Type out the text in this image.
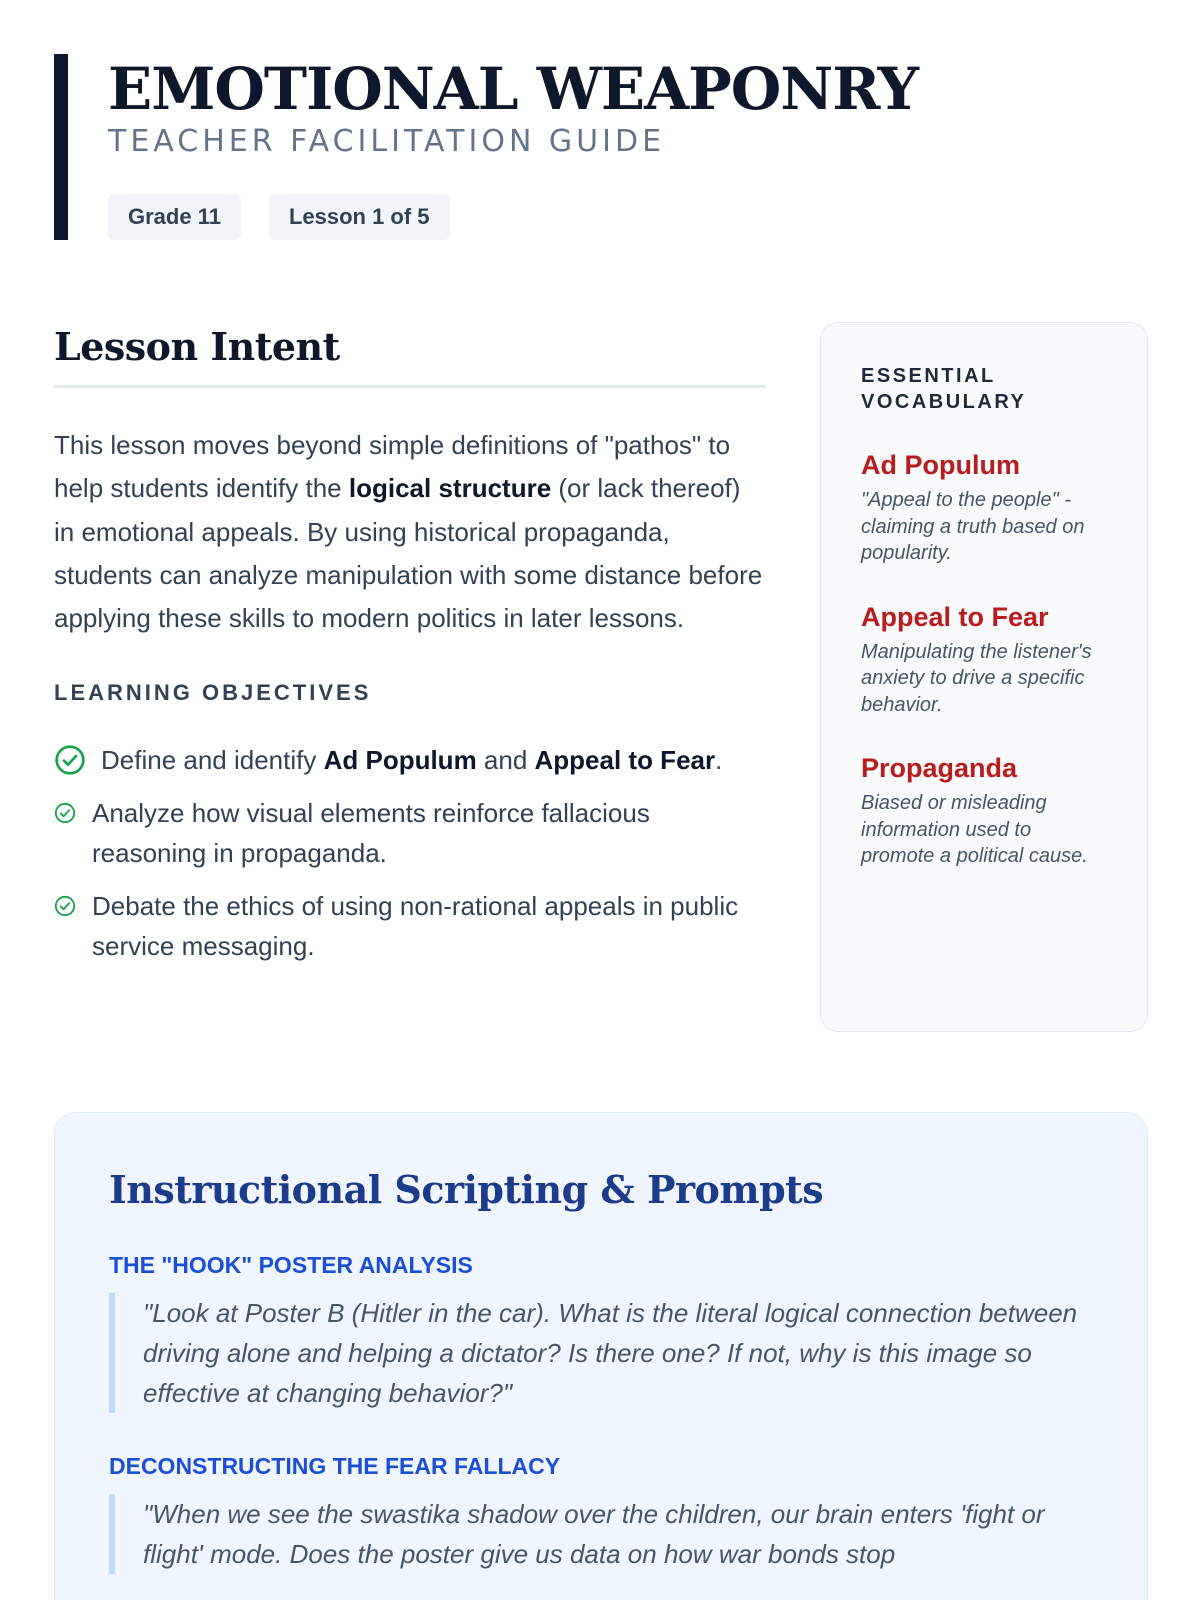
EMOTIONAL WEAPONRY
TEACHER FACILITATION GUIDE
Grade 11	Lesson 1 of 5
Lesson Intent

This lesson moves beyond simple definitions of "pathos" to help students identify the logical structure (or lack thereof) in emotional appeals. By using historical propaganda, students can analyze manipulation with some distance before applying these skills to modern politics in later lessons.

LEARNING OBJECTIVES
Define and identify Ad Populum and Appeal to Fear.
Analyze how visual elements reinforce fallacious reasoning in propaganda.
Debate the ethics of using non-rational appeals in public service messaging.
ESSENTIAL VOCABULARY
Ad Populum
"Appeal to the people" - claiming a truth based on popularity.
Appeal to Fear
Manipulating the listener's anxiety to drive a specific behavior.
Propaganda
Biased or misleading information used to promote a political cause.
Instructional Scripting & Prompts
THE "HOOK" POSTER ANALYSIS
"Look at Poster B (Hitler in the car). What is the literal logical connection between driving alone and helping a dictator? Is there one? If not, why is this image so effective at changing behavior?"
DECONSTRUCTING THE FEAR FALLACY
"When we see the swastika shadow over the children, our brain enters 'fight or flight' mode. Does the poster give us data on how war bonds stop
